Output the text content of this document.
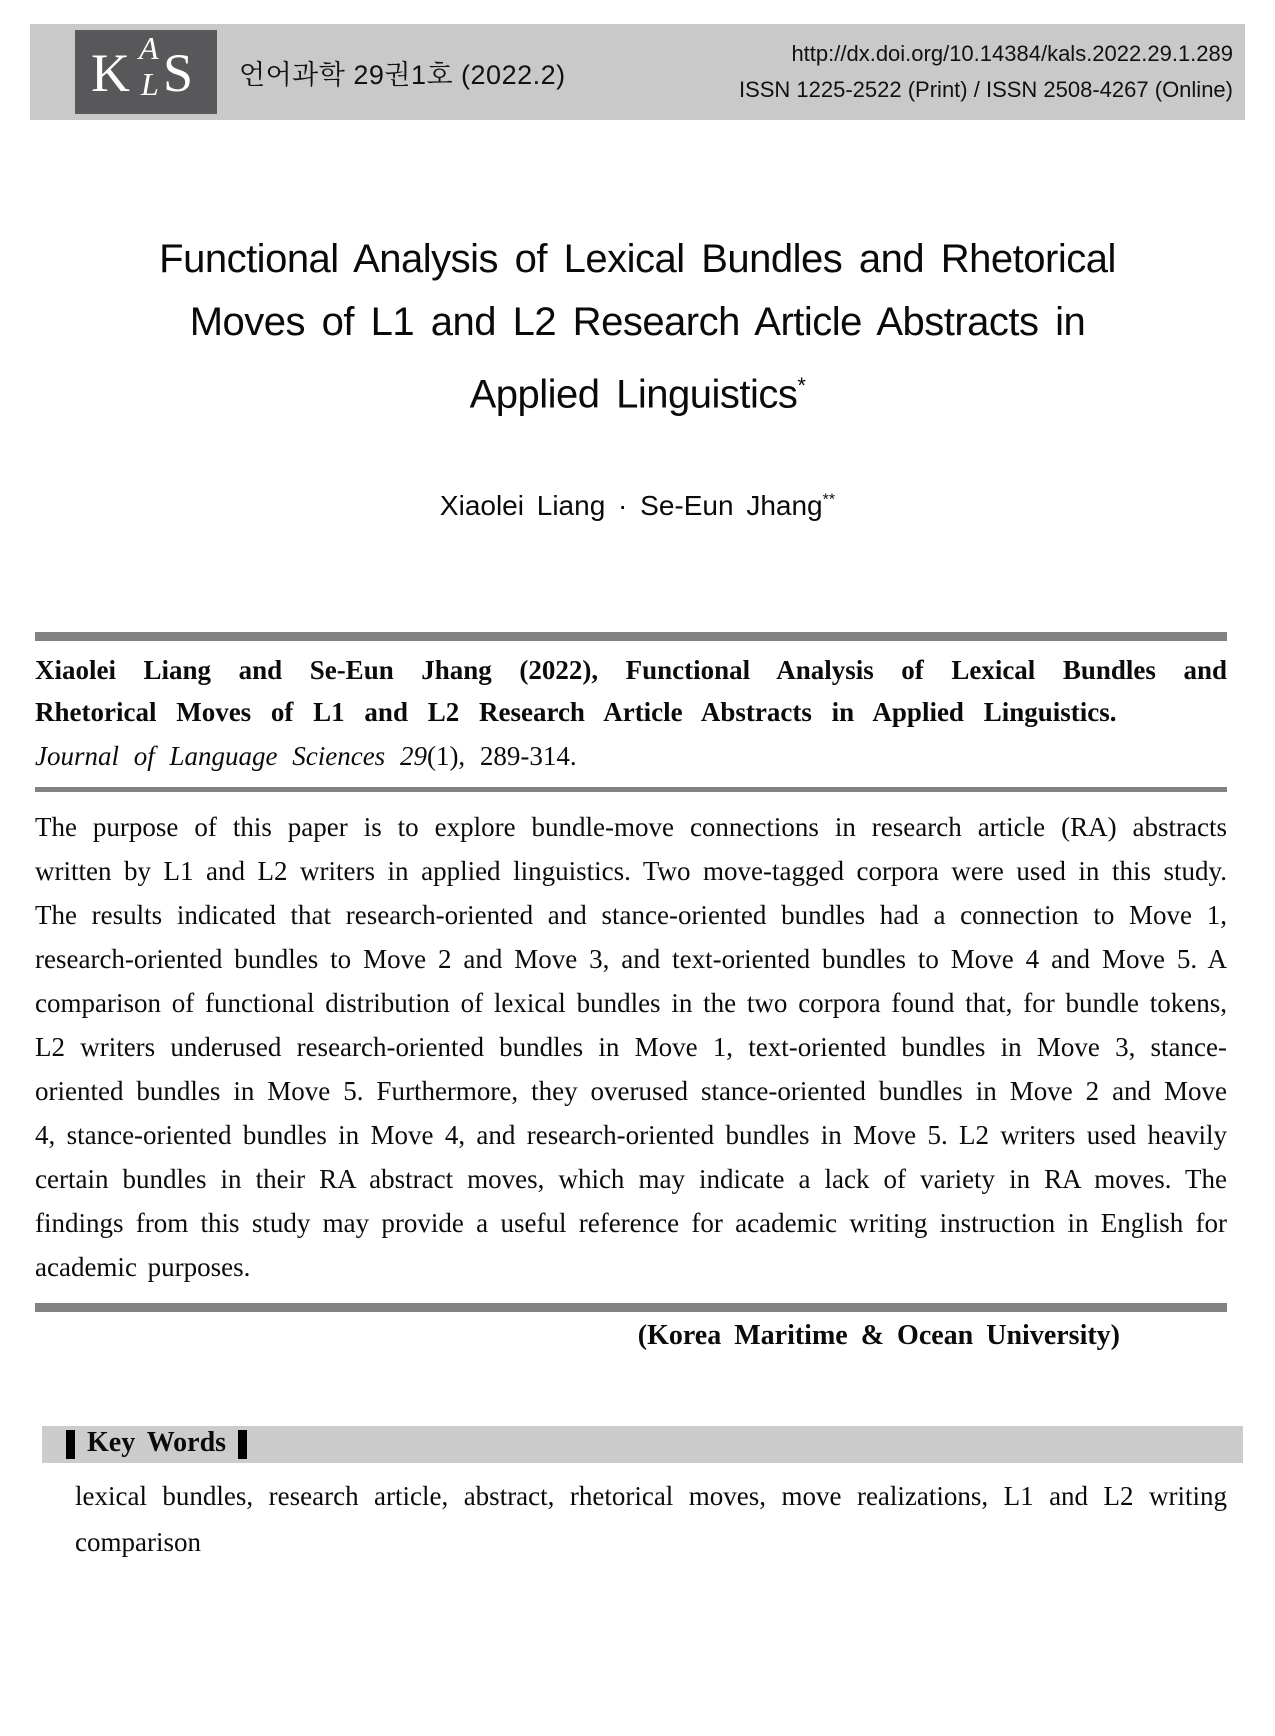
K A
L S 언어과학 29권1호 (2022.2)
http://dx.doi.org/10.14384/kals.2022.29.1.289
ISSN 1225-2522 (Print) / ISSN 2508-4267 (Online)
Functional Analysis of Lexical Bundles and Rhetorical
Moves of L1 and L2 Research Article Abstracts in
Applied Linguistics*
Xiaolei Liang · Se-Eun Jhang**

Xiaolei Liang and Se-Eun Jhang (2022), Functional Analysis of Lexical Bundles and Rhetorical Moves of L1 and L2 Research Article Abstracts in Applied Linguistics.

Journal of Language Sciences 29(1), 289-314.

The purpose of this paper is to explore bundle-move connections in research article (RA) abstracts written by L1 and L2 writers in applied linguistics. Two move-tagged corpora were used in this study. The results indicated that research-oriented and stance-oriented bundles had a connection to Move 1, research-oriented bundles to Move 2 and Move 3, and text-oriented bundles to Move 4 and Move 5. A comparison of functional distribution of lexical bundles in the two corpora found that, for bundle tokens, L2 writers underused research-oriented bundles in Move 1, text-oriented bundles in Move 3, stance-oriented bundles in Move 5. Furthermore, they overused stance-oriented bundles in Move 2 and Move 4, stance-oriented bundles in Move 4, and research-oriented bundles in Move 5. L2 writers used heavily certain bundles in their RA abstract moves, which may indicate a lack of variety in RA moves. The findings from this study may provide a useful reference for academic writing instruction in English for academic purposes.

(Korea Maritime & Ocean University)
Key Words

lexical bundles, research article, abstract, rhetorical moves, move realizations, L1 and L2 writing comparison
